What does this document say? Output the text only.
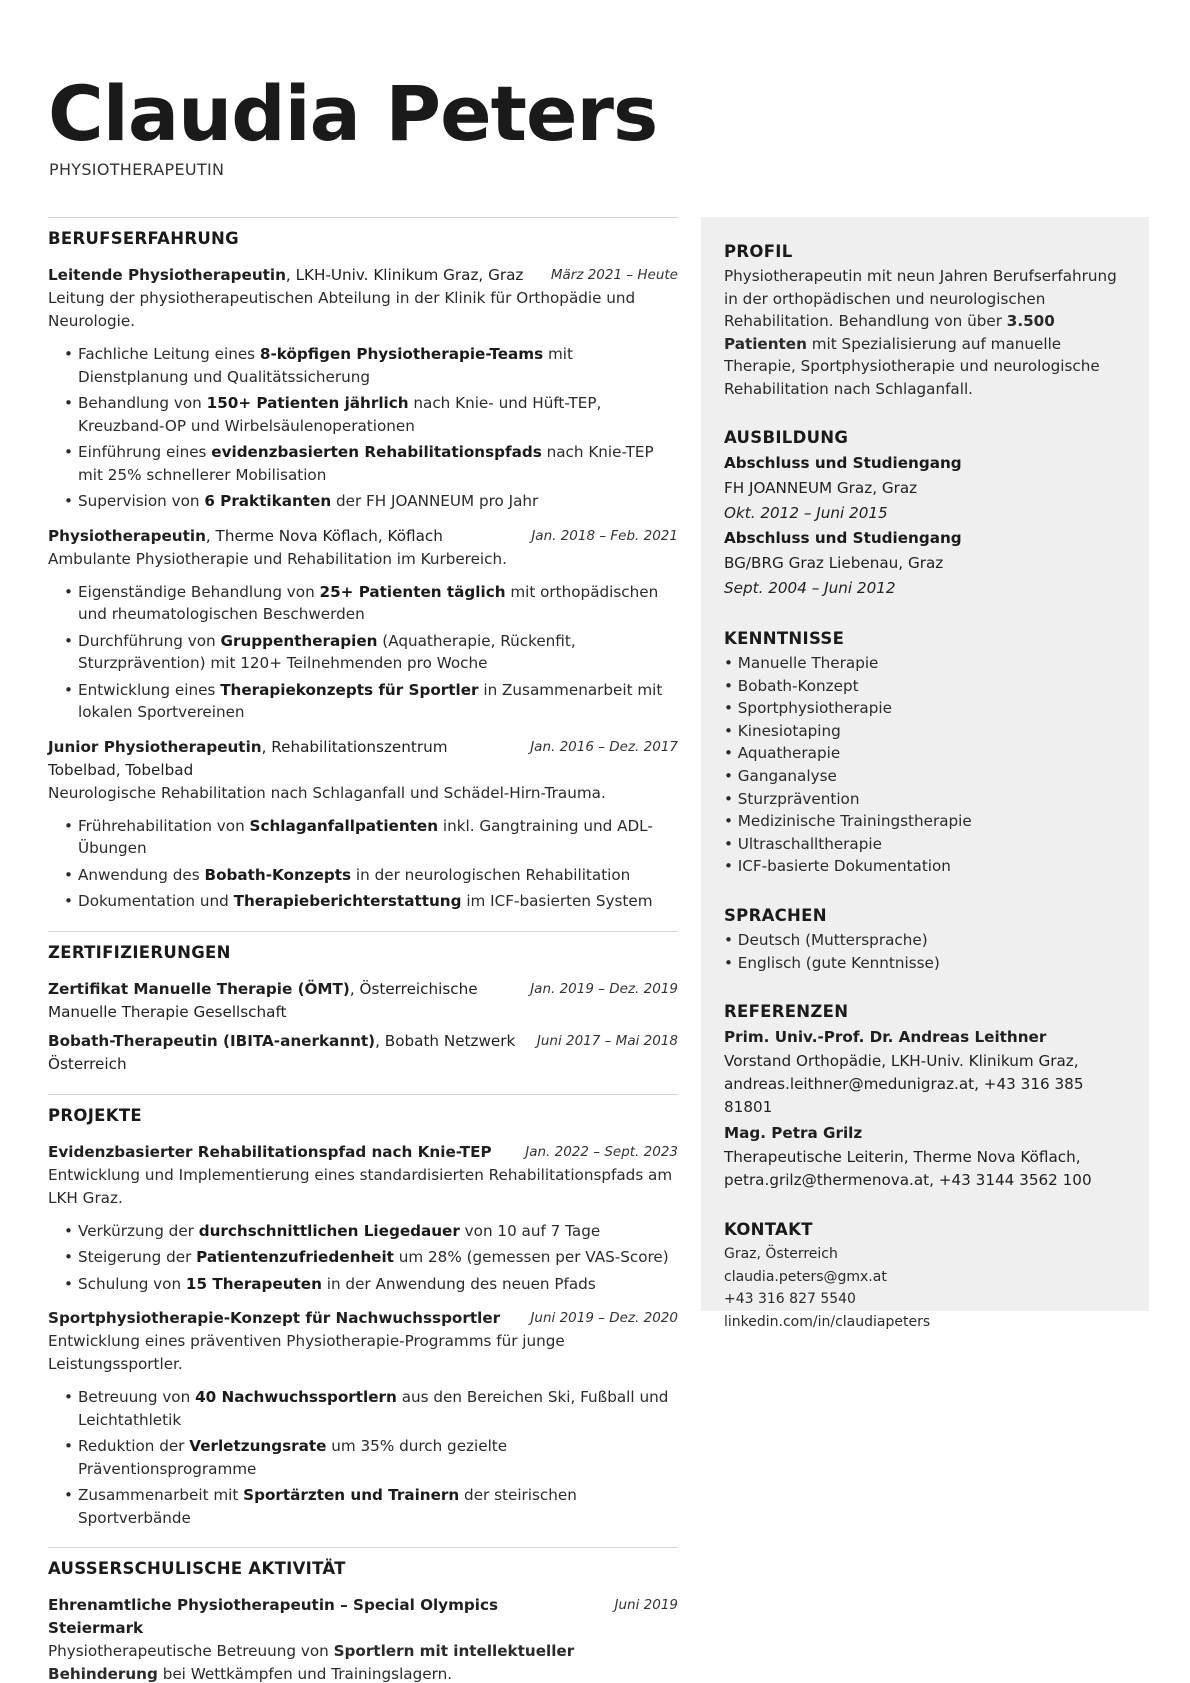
Claudia Peters
PHYSIOTHERAPEUTIN
BERUFSERFAHRUNG
Leitende Physiotherapeutin, LKH-Univ. Klinikum Graz, Graz	März 2021 – Heute
Leitung der physiotherapeutischen Abteilung in der Klinik für Orthopädie und Neurologie.
• Fachliche Leitung eines 8-köpfigen Physiotherapie-Teams mit Dienstplanung und Qualitätssicherung
• Behandlung von 150+ Patienten jährlich nach Knie- und Hüft-TEP, Kreuzband-OP und Wirbelsäulenoperationen
• Einführung eines evidenzbasierten Rehabilitationspfads nach Knie-TEP mit 25% schnellerer Mobilisation
• Supervision von 6 Praktikanten der FH JOANNEUM pro Jahr
Physiotherapeutin, Therme Nova Köflach, Köflach	Jan. 2018 – Feb. 2021
Ambulante Physiotherapie und Rehabilitation im Kurbereich.
• Eigenständige Behandlung von 25+ Patienten täglich mit orthopädischen und rheumatologischen Beschwerden
• Durchführung von Gruppentherapien (Aquatherapie, Rückenfit, Sturzprävention) mit 120+ Teilnehmenden pro Woche
• Entwicklung eines Therapiekonzepts für Sportler in Zusammenarbeit mit lokalen Sportvereinen
Junior Physiotherapeutin, Rehabilitationszentrum Tobelbad, Tobelbad
Jan. 2016 – Dez. 2017
Neurologische Rehabilitation nach Schlaganfall und Schädel-Hirn-Trauma.
• Frührehabilitation von Schlaganfallpatienten inkl. Gangtraining und ADL-Übungen
• Anwendung des Bobath-Konzepts in der neurologischen Rehabilitation
• Dokumentation und Therapieberichterstattung im ICF-basierten System
ZERTIFIZIERUNGEN
Zertifikat Manuelle Therapie (ÖMT), Österreichische Manuelle Therapie Gesellschaft
Jan. 2019 – Dez. 2019
Bobath-Therapeutin (IBITA-anerkannt), Bobath Netzwerk Österreich
Juni 2017 – Mai 2018
PROJEKTE
Evidenzbasierter Rehabilitationspfad nach Knie-TEP	Jan. 2022 – Sept. 2023
Entwicklung und Implementierung eines standardisierten Rehabilitationspfads am LKH Graz.
• Verkürzung der durchschnittlichen Liegedauer von 10 auf 7 Tage
• Steigerung der Patientenzufriedenheit um 28% (gemessen per VAS-Score)
• Schulung von 15 Therapeuten in der Anwendung des neuen Pfads
Sportphysiotherapie-Konzept für Nachwuchssportler	Juni 2019 – Dez. 2020
Entwicklung eines präventiven Physiotherapie-Programms für junge Leistungssportler.
• Betreuung von 40 Nachwuchssportlern aus den Bereichen Ski, Fußball und Leichtathletik
• Reduktion der Verletzungsrate um 35% durch gezielte Präventionsprogramme
• Zusammenarbeit mit Sportärzten und Trainern der steirischen Sportverbände
AUSSERSCHULISCHE AKTIVITÄT
Ehrenamtliche Physiotherapeutin – Special Olympics Steiermark
Juni 2019
Physiotherapeutische Betreuung von Sportlern mit intellektueller Behinderung bei Wettkämpfen und Trainingslagern.
PROFIL

Physiotherapeutin mit neun Jahren Berufserfahrung in der orthopädischen und neurologischen Rehabilitation. Behandlung von über 3.500 Patienten mit Spezialisierung auf manuelle Therapie, Sportphysiotherapie und neurologische Rehabilitation nach Schlaganfall.

AUSBILDUNG
Abschluss und Studiengang
FH JOANNEUM Graz, Graz
Okt. 2012 – Juni 2015
Abschluss und Studiengang
BG/BRG Graz Liebenau, Graz
Sept. 2004 – Juni 2012
KENNTNISSE
• Manuelle Therapie
• Bobath-Konzept
• Sportphysiotherapie
• Kinesiotaping
• Aquatherapie
• Ganganalyse
• Sturzprävention
• Medizinische Trainingstherapie
• Ultraschalltherapie
• ICF-basierte Dokumentation
SPRACHEN
• Deutsch (Muttersprache)
• Englisch (gute Kenntnisse)
REFERENZEN
Prim. Univ.-Prof. Dr. Andreas Leithner
Vorstand Orthopädie, LKH-Univ. Klinikum Graz, andreas.leithner@medunigraz.at, +43 316 385 81801
Mag. Petra Grilz
Therapeutische Leiterin, Therme Nova Köflach, petra.grilz@thermenova.at, +43 3144 3562 100
KONTAKT
Graz, Österreich
claudia.peters@gmx.at
+43 316 827 5540
linkedin.com/in/claudiapeters
